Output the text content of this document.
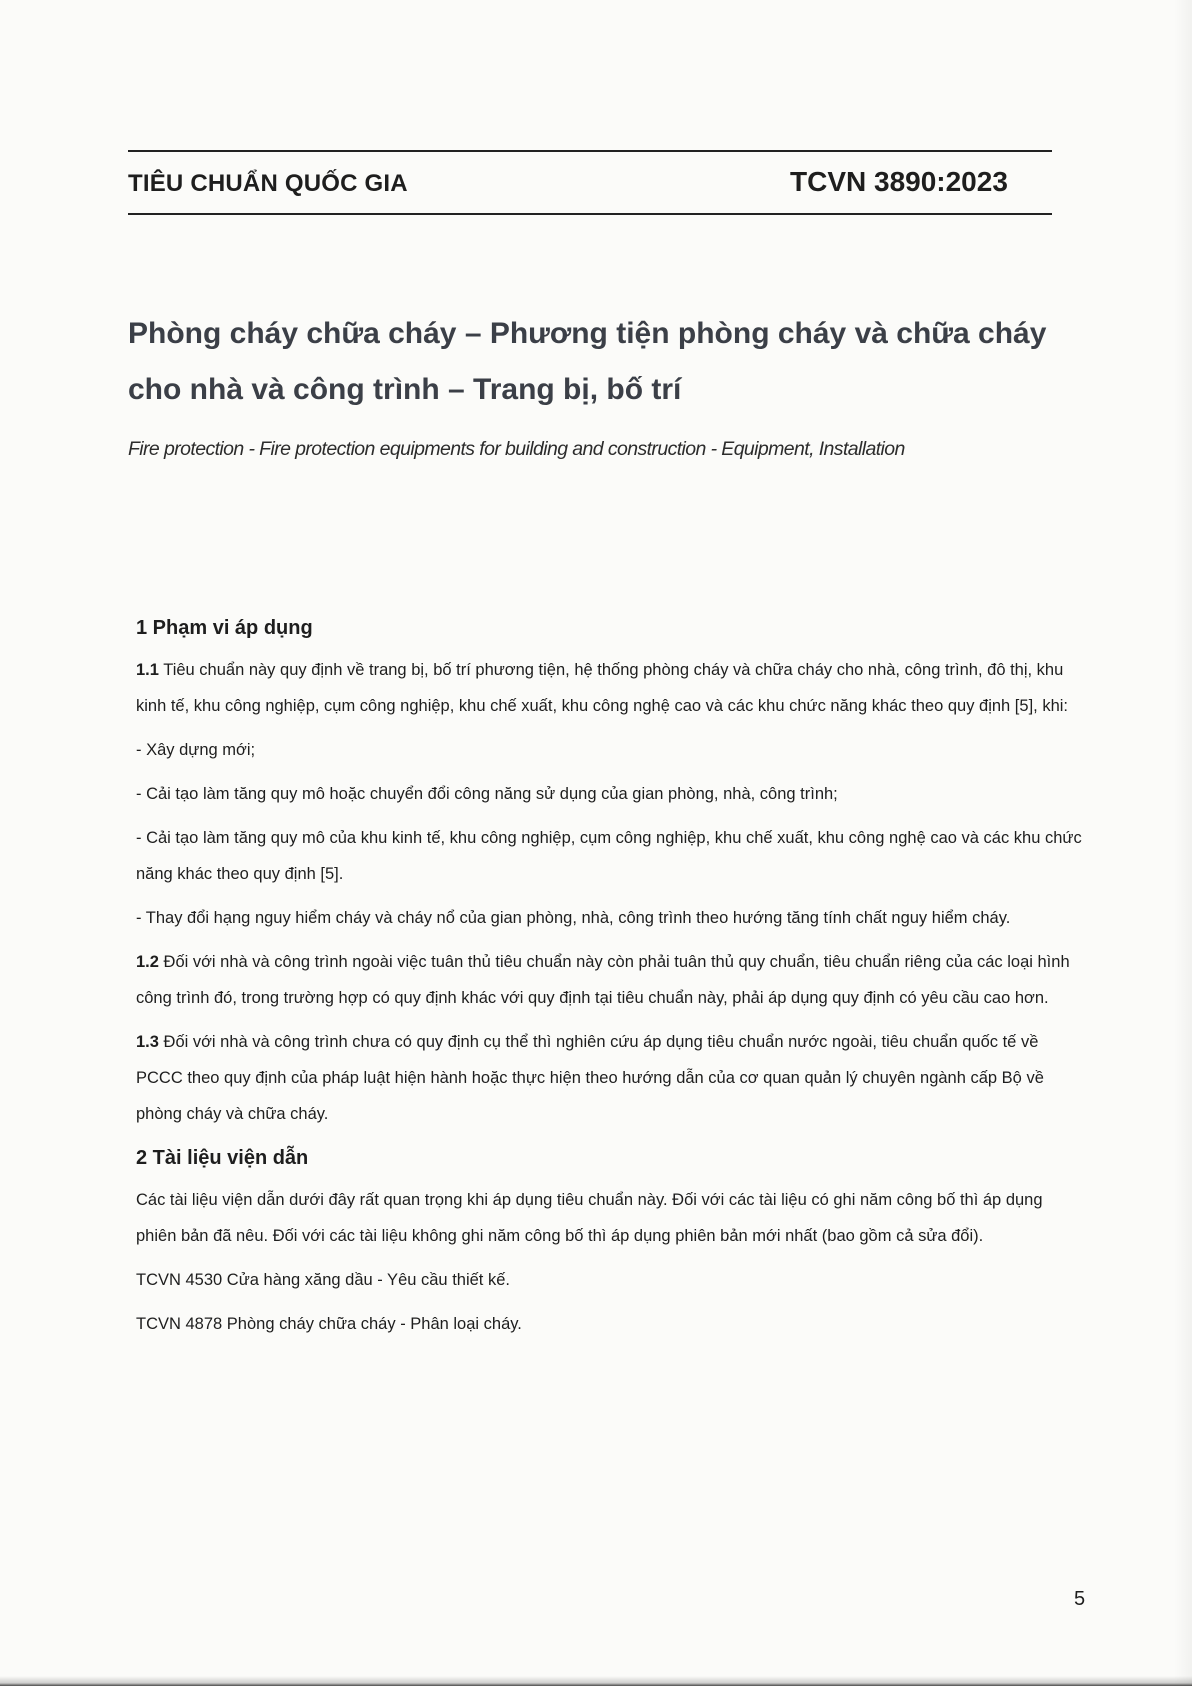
TIÊU CHUẨN QUỐC GIA	TCVN 3890:2023
Phòng cháy chữa cháy – Phương tiện phòng cháy và chữa cháy
cho nhà và công trình – Trang bị, bố trí

Fire protection - Fire protection equipments for building and construction - Equipment, Installation

1 Phạm vi áp dụng

1.1 Tiêu chuẩn này quy định về trang bị, bố trí phương tiện, hệ thống phòng cháy và chữa cháy cho nhà, công trình, đô thị, khu kinh tế, khu công nghiệp, cụm công nghiệp, khu chế xuất, khu công nghệ cao và các khu chức năng khác theo quy định [5], khi:

- Xây dựng mới;

- Cải tạo làm tăng quy mô hoặc chuyển đổi công năng sử dụng của gian phòng, nhà, công trình;

- Cải tạo làm tăng quy mô của khu kinh tế, khu công nghiệp, cụm công nghiệp, khu chế xuất, khu công nghệ cao và các khu chức năng khác theo quy định [5].

- Thay đổi hạng nguy hiểm cháy và cháy nổ của gian phòng, nhà, công trình theo hướng tăng tính chất nguy hiểm cháy.

1.2 Đối với nhà và công trình ngoài việc tuân thủ tiêu chuẩn này còn phải tuân thủ quy chuẩn, tiêu chuẩn riêng của các loại hình công trình đó, trong trường hợp có quy định khác với quy định tại tiêu chuẩn này, phải áp dụng quy định có yêu cầu cao hơn.

1.3 Đối với nhà và công trình chưa có quy định cụ thể thì nghiên cứu áp dụng tiêu chuẩn nước ngoài, tiêu chuẩn quốc tế về PCCC theo quy định của pháp luật hiện hành hoặc thực hiện theo hướng dẫn của cơ quan quản lý chuyên ngành cấp Bộ về phòng cháy và chữa cháy.

2 Tài liệu viện dẫn

Các tài liệu viện dẫn dưới đây rất quan trọng khi áp dụng tiêu chuẩn này. Đối với các tài liệu có ghi năm công bố thì áp dụng phiên bản đã nêu. Đối với các tài liệu không ghi năm công bố thì áp dụng phiên bản mới nhất (bao gồm cả sửa đổi).

TCVN 4530 Cửa hàng xăng dầu - Yêu cầu thiết kế.

TCVN 4878 Phòng cháy chữa cháy - Phân loại cháy.

5
